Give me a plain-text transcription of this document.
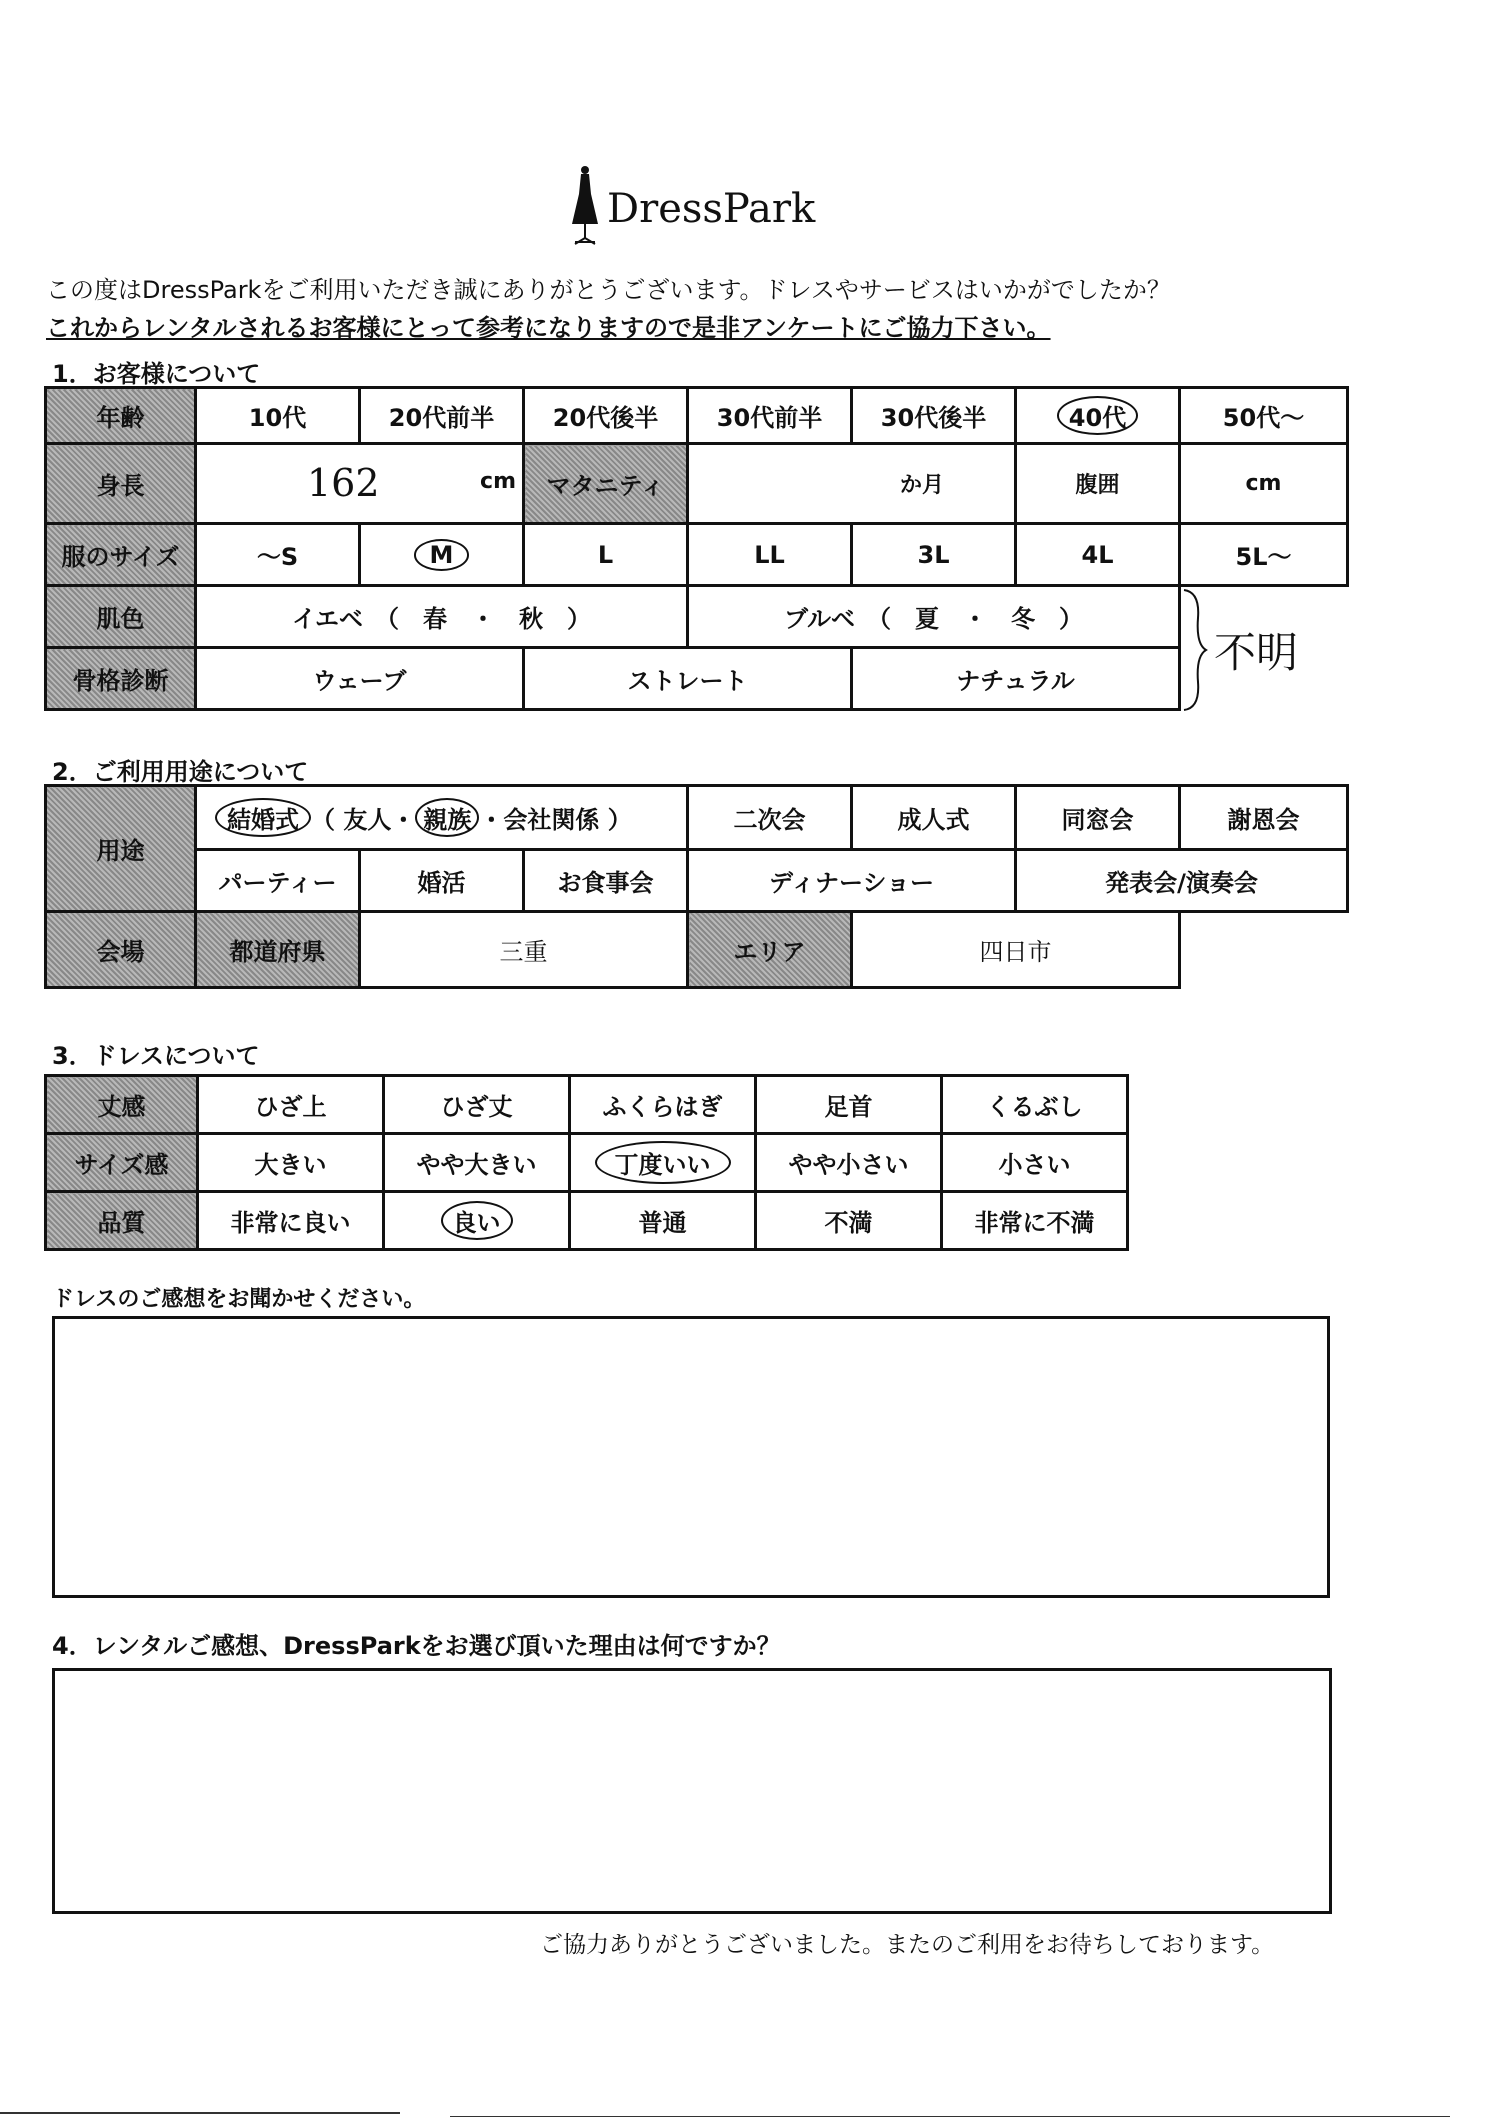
DressPark
この度はDressParkをご利用いただき誠にありがとうございます。ドレスやサービスはいかがでしたか？
これからレンタルされるお客様にとって参考になりますので是非アンケートにご協力下さい。
1．お客様について
年齢	10代	20代前半	20代後半	30代前半	30代後半	40代	50代～
身長	162 cm		マタニティ	か月		腹囲	cm
服のサイズ	～S	M	L	LL	3L	4L	5L～
肌色	イエベ　（　春　・　秋　）			ブルベ　（　夏　・　冬　）			
骨格診断	ウェーブ		ストレート		ナチュラル		
不明
2．ご利用用途について
用途	結婚式 （ 友人・ 親族 ・会社関係 ）			二次会	成人式	同窓会	謝恩会
	パーティー	婚活	お食事会	ディナーショー		発表会/演奏会	
会場	都道府県	三重		エリア	四日市		
3．ドレスについて
丈感	ひざ上	ひざ丈	ふくらはぎ	足首	くるぶし
サイズ感	大きい	やや大きい	丁度いい	やや小さい	小さい
品質	非常に良い	良い	普通	不満	非常に不満
ドレスのご感想をお聞かせください。
4．レンタルご感想、DressParkをお選び頂いた理由は何ですか？
ご協力ありがとうございました。またのご利用をお待ちしております。
